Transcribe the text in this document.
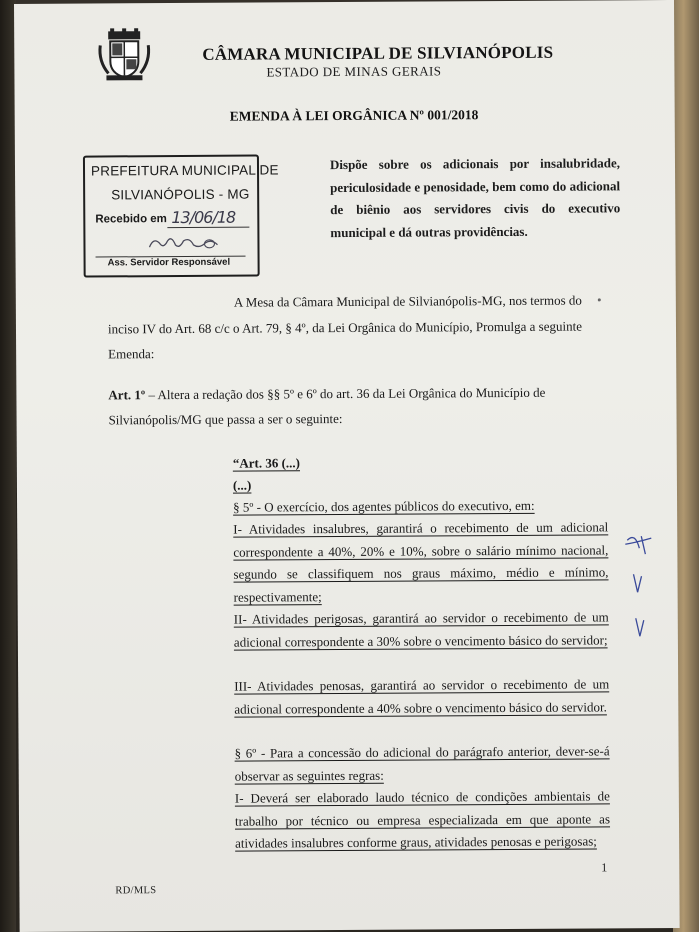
CÂMARA MUNICIPAL DE SILVIANÓPOLIS
ESTADO DE MINAS GERAIS
EMENDA À LEI ORGÂNICA Nº 001/2018
PREFEITURA MUNICIPAL DE
SILVIANÓPOLIS - MG
Recebido em 13/06/18
Ass. Servidor Responsável
Dispõe sobre os adicionais por insalubridade, periculosidade e penosidade, bem como do adicional de biênio aos servidores civis do executivo municipal e dá outras providências.
A Mesa da Câmara Municipal de Silvianópolis-MG, nos termos do
inciso IV do Art. 68 c/c o Art. 79, § 4º, da Lei Orgânica do Município, Promulga a seguinte
Emenda:
Art. 1º – Altera a redação dos §§ 5º e 6º do art. 36 da Lei Orgânica do Município de
Silvianópolis/MG que passa a ser o seguinte:
“Art. 36 (...)
(...)
§ 5º - O exercício, dos agentes públicos do executivo, em:
I- Atividades insalubres, garantirá o recebimento de um adicional correspondente a 40%, 20% e 10%, sobre o salário mínimo nacional, segundo se classifiquem nos graus máximo, médio e mínimo, respectivamente;
II- Atividades perigosas, garantirá ao servidor o recebimento de um adicional correspondente a 30% sobre o vencimento básico do servidor;
III- Atividades penosas, garantirá ao servidor o recebimento de um adicional correspondente a 40% sobre o vencimento básico do servidor.
§ 6º - Para a concessão do adicional do parágrafo anterior, dever-se-á observar as seguintes regras:
I- Deverá ser elaborado laudo técnico de condições ambientais de trabalho por técnico ou empresa especializada em que aponte as atividades insalubres conforme graus, atividades penosas e perigosas;
1
RD/MLS
